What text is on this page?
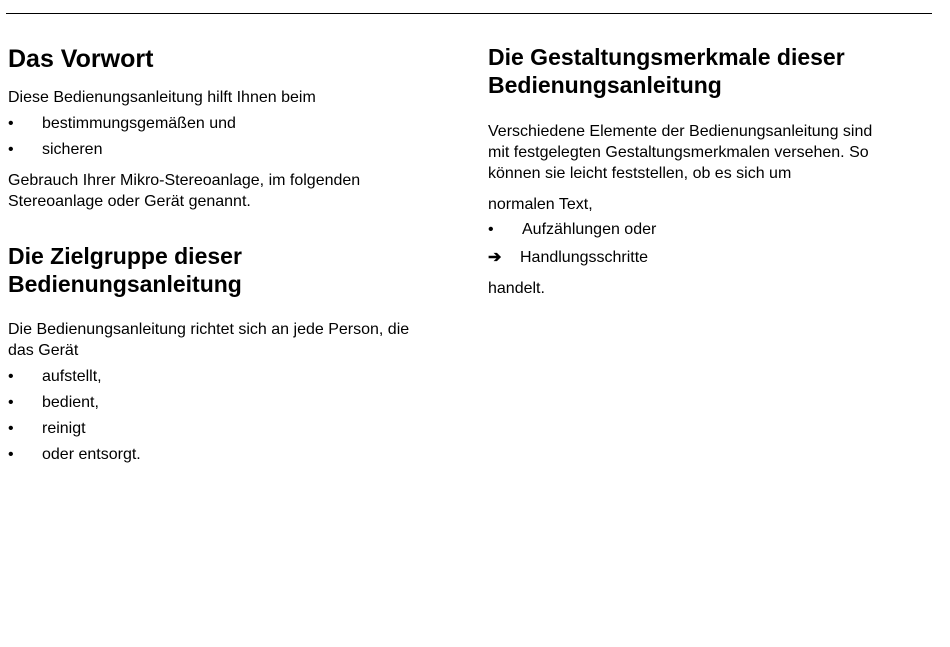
Das Vorwort

Diese Bedienungsanleitung hilft Ihnen beim

• bestimmungsgemäßen und
• sicheren

Gebrauch Ihrer Mikro-Stereoanlage, im folgenden

Stereoanlage oder Gerät genannt.

Die Zielgruppe dieser
Bedienungsanleitung

Die Bedienungsanleitung richtet sich an jede Person, die

das Gerät

• aufstellt,
• bedient,
• reinigt
• oder entsorgt.
Die Gestaltungsmerkmale dieser
Bedienungsanleitung

Verschiedene Elemente der Bedienungsanleitung sind

mit festgelegten Gestaltungsmerkmalen versehen. So

können sie leicht feststellen, ob es sich um

normalen Text,

• Aufzählungen oder
➔ Handlungsschritte

handelt.
